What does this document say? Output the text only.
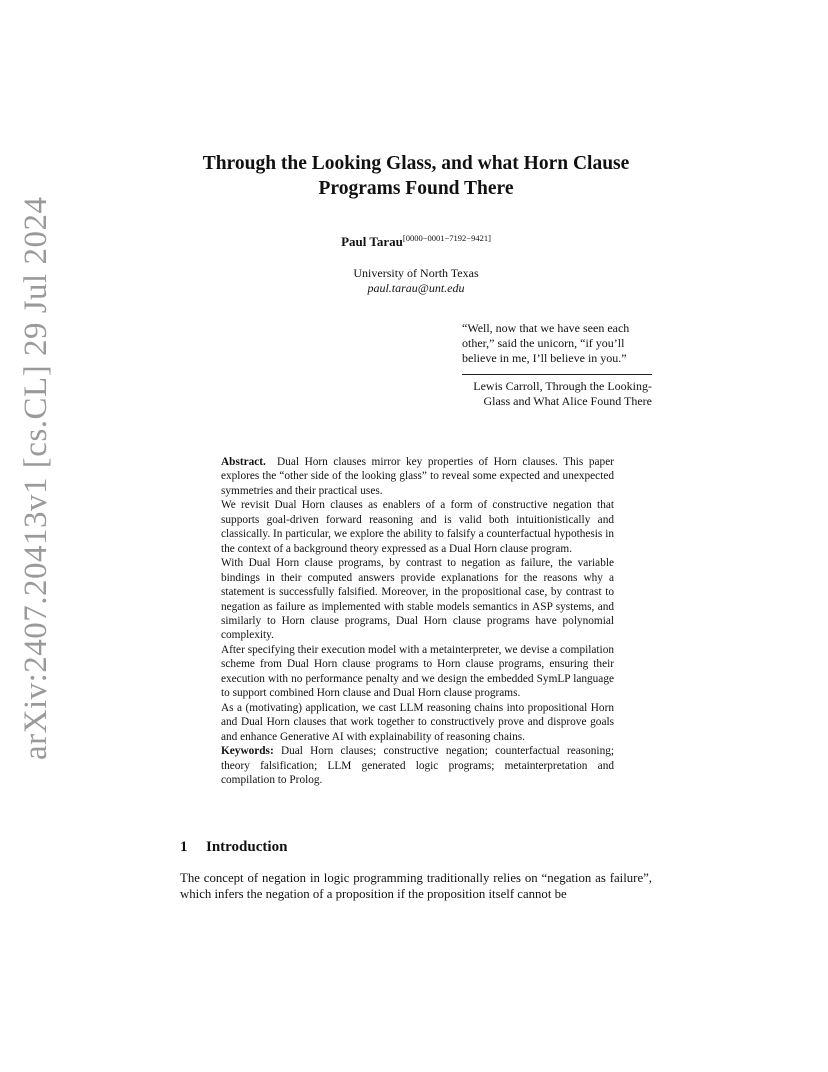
arXiv:2407.20413v1 [cs.CL] 29 Jul 2024
Through the Looking Glass, and what Horn Clause
Programs Found There
Paul Tarau[0000−0001−7192−9421]
University of North Texas
paul.tarau@unt.edu
“Well, now that we have seen each other,” said the unicorn, “if you’ll believe in me, I’ll believe in you.”
Lewis Carroll, Through the Looking-Glass and What Alice Found There

Abstract. Dual Horn clauses mirror key properties of Horn clauses. This paper explores the “other side of the looking glass” to reveal some expected and unexpected symmetries and their practical uses.

We revisit Dual Horn clauses as enablers of a form of constructive negation that supports goal-driven forward reasoning and is valid both intuitionistically and classically. In particular, we explore the ability to falsify a counterfactual hypothesis in the context of a background theory expressed as a Dual Horn clause program.

With Dual Horn clause programs, by contrast to negation as failure, the variable bindings in their computed answers provide explanations for the reasons why a statement is successfully falsified. Moreover, in the propositional case, by contrast to negation as failure as implemented with stable models semantics in ASP systems, and similarly to Horn clause programs, Dual Horn clause programs have polynomial complexity.

After specifying their execution model with a metainterpreter, we devise a compilation scheme from Dual Horn clause programs to Horn clause programs, ensuring their execution with no performance penalty and we design the embedded SymLP language to support combined Horn clause and Dual Horn clause programs.

As a (motivating) application, we cast LLM reasoning chains into propositional Horn and Dual Horn clauses that work together to constructively prove and disprove goals and enhance Generative AI with explainability of reasoning chains.

Keywords: Dual Horn clauses; constructive negation; counterfactual reasoning; theory falsification; LLM generated logic programs; metainterpretation and compilation to Prolog.

1 Introduction

The concept of negation in logic programming traditionally relies on “negation as failure”, which infers the negation of a proposition if the proposition itself cannot be
